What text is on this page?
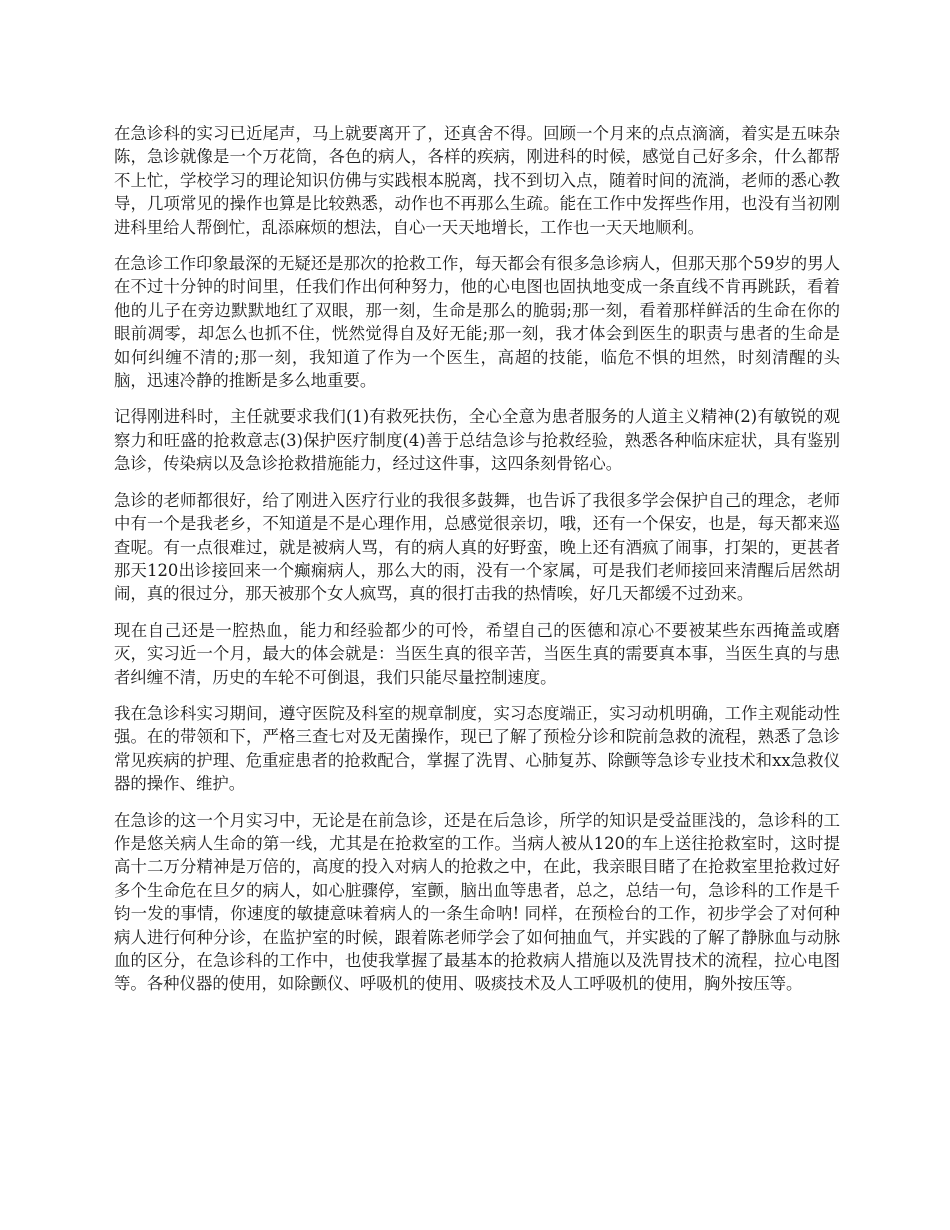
在急诊科的实习已近尾声，马上就要离开了，还真舍不得。回顾一个月来的点点滴滴，着实是五味杂陈，急诊就像是一个万花筒，各色的病人，各样的疾病，刚进科的时候，感觉自己好多余，什么都帮不上忙，学校学习的理论知识仿佛与实践根本脱离，找不到切入点，随着时间的流淌，老师的悉心教导，几项常见的操作也算是比较熟悉，动作也不再那么生疏。能在工作中发挥些作用，也没有当初刚进科里给人帮倒忙，乱添麻烦的想法，自心一天天地增长，工作也一天天地顺利。

在急诊工作印象最深的无疑还是那次的抢救工作，每天都会有很多急诊病人，但那天那个59岁的男人在不过十分钟的时间里，任我们作出何种努力，他的心电图也固执地变成一条直线不肯再跳跃，看着他的儿子在旁边默默地红了双眼，那一刻，生命是那么的脆弱;那一刻，看着那样鲜活的生命在你的眼前凋零，却怎么也抓不住，恍然觉得自及好无能;那一刻，我才体会到医生的职责与患者的生命是如何纠缠不清的;那一刻，我知道了作为一个医生，高超的技能，临危不惧的坦然，时刻清醒的头脑，迅速冷静的推断是多么地重要。

记得刚进科时，主任就要求我们(1)有救死扶伤，全心全意为患者服务的人道主义精神(2)有敏锐的观察力和旺盛的抢救意志(3)保护医疗制度(4)善于总结急诊与抢救经验，熟悉各种临床症状，具有鉴别急诊，传染病以及急诊抢救措施能力，经过这件事，这四条刻骨铭心。

急诊的老师都很好，给了刚进入医疗行业的我很多鼓舞，也告诉了我很多学会保护自己的理念，老师中有一个是我老乡，不知道是不是心理作用，总感觉很亲切，哦，还有一个保安，也是，每天都来巡查呢。有一点很难过，就是被病人骂，有的病人真的好野蛮，晚上还有酒疯了闹事，打架的，更甚者那天120出诊接回来一个癫痫病人，那么大的雨，没有一个家属，可是我们老师接回来清醒后居然胡闹，真的很过分，那天被那个女人疯骂，真的很打击我的热情唉，好几天都缓不过劲来。

现在自己还是一腔热血，能力和经验都少的可怜，希望自己的医德和凉心不要被某些东西掩盖或磨灭，实习近一个月，最大的体会就是：当医生真的很辛苦，当医生真的需要真本事，当医生真的与患者纠缠不清，历史的车轮不可倒退，我们只能尽量控制速度。

我在急诊科实习期间，遵守医院及科室的规章制度，实习态度端正，实习动机明确，工作主观能动性强。在的带领和下，严格三查七对及无菌操作，现已了解了预检分诊和院前急救的流程，熟悉了急诊常见疾病的护理、危重症患者的抢救配合，掌握了洗胃、心肺复苏、除颤等急诊专业技术和xx急救仪器的操作、维护。

在急诊的这一个月实习中，无论是在前急诊，还是在后急诊，所学的知识是受益匪浅的，急诊科的工作是悠关病人生命的第一线，尤其是在抢救室的工作。当病人被从120的车上送往抢救室时，这时提高十二万分精神是万倍的，高度的投入对病人的抢救之中，在此，我亲眼目睹了在抢救室里抢救过好多个生命危在旦夕的病人，如心脏骤停，室颤，脑出血等患者，总之，总结一句，急诊科的工作是千钧一发的事情，你速度的敏捷意味着病人的一条生命呐! 同样，在预检台的工作，初步学会了对何种病人进行何种分诊，在监护室的时候，跟着陈老师学会了如何抽血气，并实践的了解了静脉血与动脉血的区分，在急诊科的工作中，也使我掌握了最基本的抢救病人措施以及洗胃技术的流程，拉心电图等。各种仪器的使用，如除颤仪、呼吸机的使用、吸痰技术及人工呼吸机的使用，胸外按压等。
